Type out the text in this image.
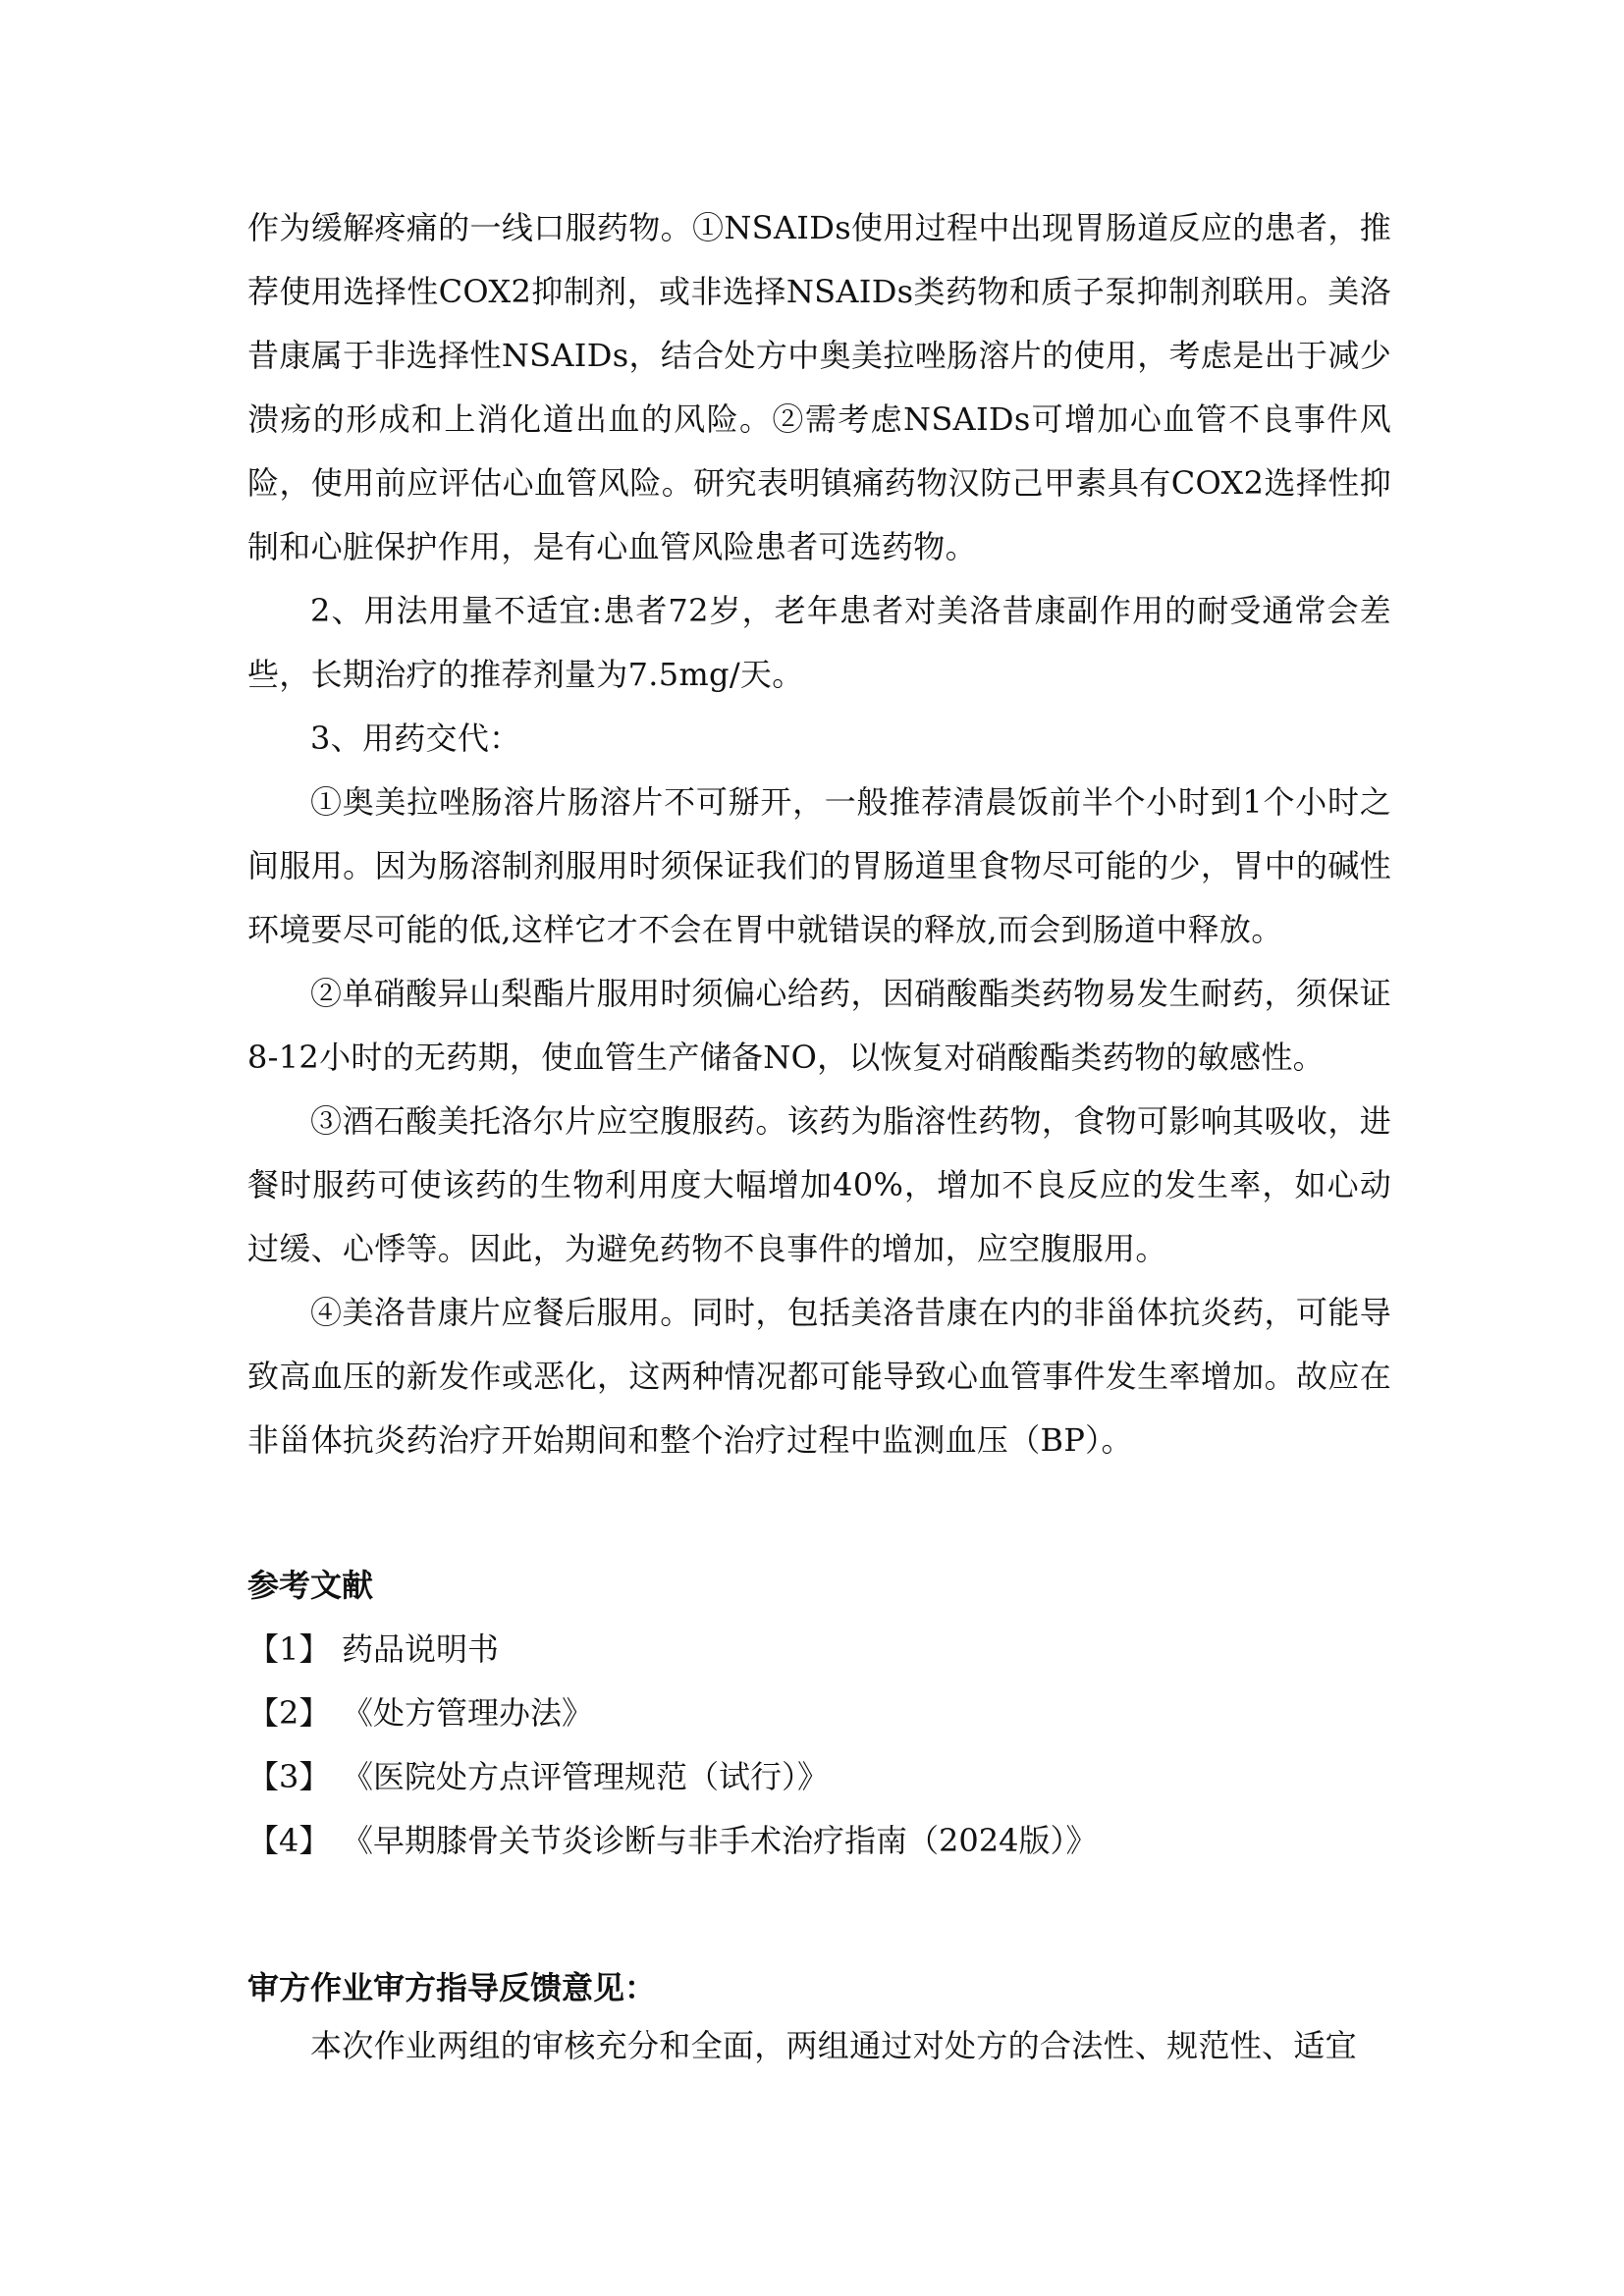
作为缓解疼痛的一线口服药物。①NSAIDs使用过程中出现胃肠道反应的患者，推荐使用选择性COX2抑制剂，或非选择NSAIDs类药物和质子泵抑制剂联用。美洛昔康属于非选择性NSAIDs，结合处方中奥美拉唑肠溶片的使用，考虑是出于减少溃疡的形成和上消化道出血的风险。②需考虑NSAIDs可增加心血管不良事件风险，使用前应评估心血管风险。研究表明镇痛药物汉防己甲素具有COX2选择性抑制和心脏保护作用，是有心血管风险患者可选药物。
2、用法用量不适宜:患者72岁，老年患者对美洛昔康副作用的耐受通常会差些，长期治疗的推荐剂量为7.5mg/天。
3、用药交代：
①奥美拉唑肠溶片肠溶片不可掰开，一般推荐清晨饭前半个小时到1个小时之间服用。因为肠溶制剂服用时须保证我们的胃肠道里食物尽可能的少，胃中的碱性环境要尽可能的低,这样它才不会在胃中就错误的释放,而会到肠道中释放。
②单硝酸异山梨酯片服用时须偏心给药，因硝酸酯类药物易发生耐药，须保证8-12小时的无药期，使血管生产储备NO，以恢复对硝酸酯类药物的敏感性。
③酒石酸美托洛尔片应空腹服药。该药为脂溶性药物，食物可影响其吸收，进餐时服药可使该药的生物利用度大幅增加40%，增加不良反应的发生率，如心动过缓、心悸等。因此，为避免药物不良事件的增加，应空腹服用。
④美洛昔康片应餐后服用。同时，包括美洛昔康在内的非甾体抗炎药，可能导致高血压的新发作或恶化，这两种情况都可能导致心血管事件发生率增加。故应在非甾体抗炎药治疗开始期间和整个治疗过程中监测血压（BP）。
参考文献
【1】 药品说明书
【2】 《处方管理办法》
【3】 《医院处方点评管理规范（试行）》
【4】 《早期膝骨关节炎诊断与非手术治疗指南（2024版）》
审方作业审方指导反馈意见：
本次作业两组的审核充分和全面，两组通过对处方的合法性、规范性、适宜
